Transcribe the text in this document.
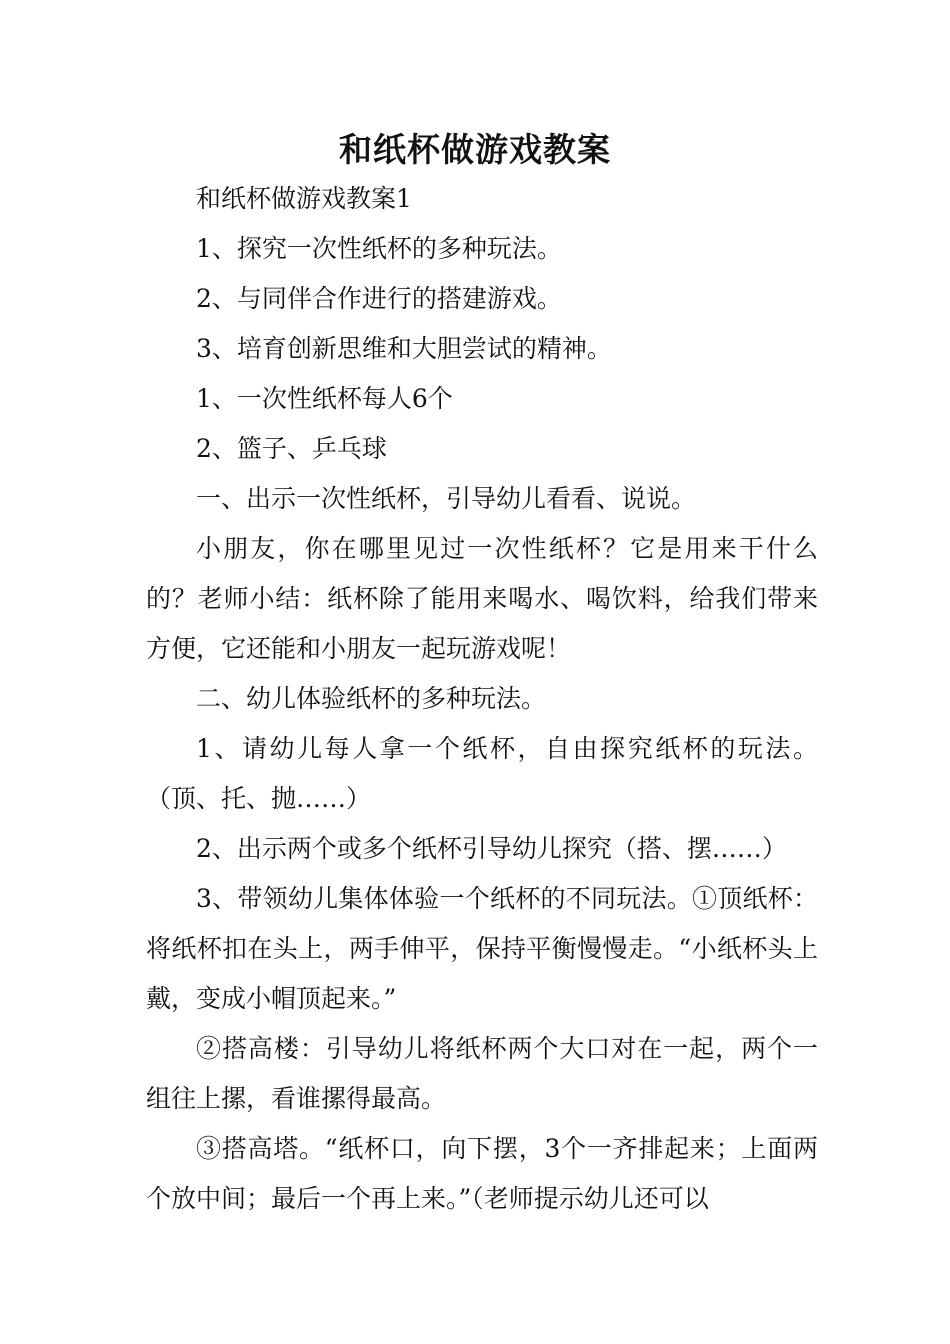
和纸杯做游戏教案

和纸杯做游戏教案1

1、探究一次性纸杯的多种玩法。

2、与同伴合作进行的搭建游戏。

3、培育创新思维和大胆尝试的精神。

1、一次性纸杯每人6个

2、篮子、乒乓球

一、出示一次性纸杯，引导幼儿看看、说说。

小朋友，你在哪里见过一次性纸杯？它是用来干什么的？老师小结：纸杯除了能用来喝水、喝饮料，给我们带来方便，它还能和小朋友一起玩游戏呢！

二、幼儿体验纸杯的多种玩法。

1、请幼儿每人拿一个纸杯，自由探究纸杯的玩法。（顶、托、抛……）

2、出示两个或多个纸杯引导幼儿探究（搭、摆……）

3、带领幼儿集体体验一个纸杯的不同玩法。①顶纸杯：将纸杯扣在头上，两手伸平，保持平衡慢慢走。“小纸杯头上戴，变成小帽顶起来。”

②搭高楼：引导幼儿将纸杯两个大口对在一起，两个一组往上摞，看谁摞得最高。

③搭高塔。“纸杯口，向下摆，3个一齐排起来；上面两个放中间；最后一个再上来。”（老师提示幼儿还可以
